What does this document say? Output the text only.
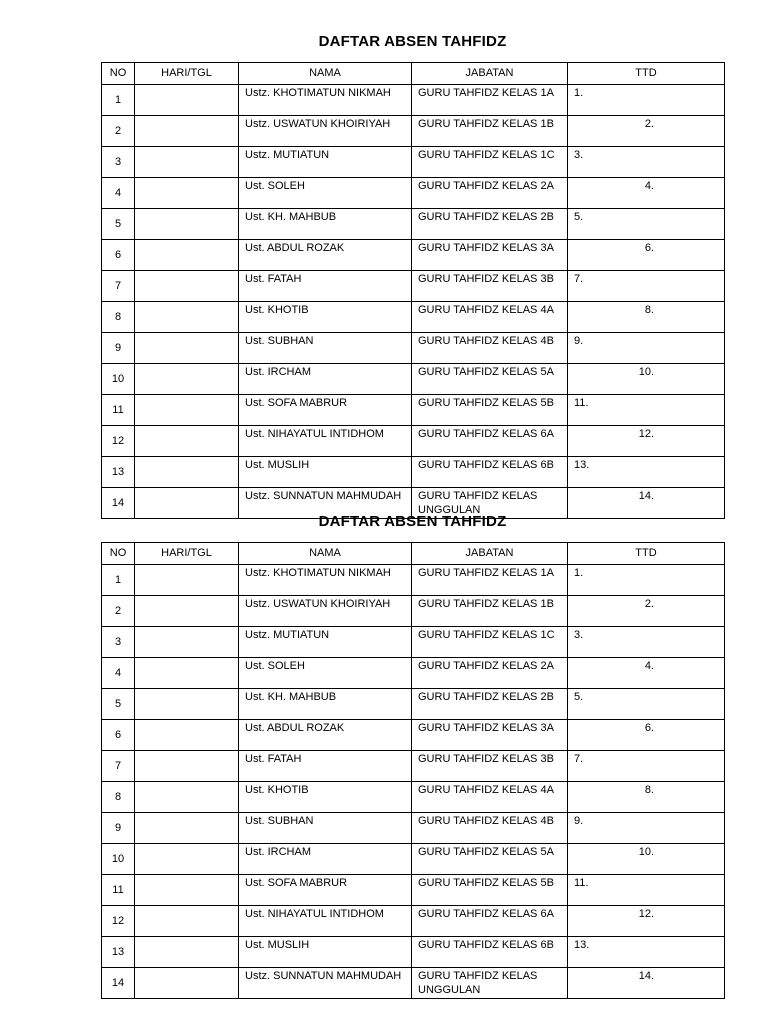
DAFTAR ABSEN TAHFIDZ
NO	HARI/TGL	NAMA	JABATAN	TTD
1		Ustz. KHOTIMATUN NIKMAH	GURU TAHFIDZ KELAS 1A	1.
2		Ustz. USWATUN KHOIRIYAH	GURU TAHFIDZ KELAS 1B	2.

3		Ustz. MUTIATUN	GURU TAHFIDZ KELAS 1C	3.
4		Ust. SOLEH	GURU TAHFIDZ KELAS 2A	4.

5		Ust. KH. MAHBUB	GURU TAHFIDZ KELAS 2B	5.
6		Ust. ABDUL ROZAK	GURU TAHFIDZ KELAS 3A	6.

7		Ust. FATAH	GURU TAHFIDZ KELAS 3B	7.
8		Ust. KHOTIB	GURU TAHFIDZ KELAS 4A	8.

9		Ust. SUBHAN	GURU TAHFIDZ KELAS 4B	9.
10		Ust. IRCHAM	GURU TAHFIDZ KELAS 5A	10.

11		Ust. SOFA MABRUR	GURU TAHFIDZ KELAS 5B	11.
12		Ust. NIHAYATUL INTIDHOM	GURU TAHFIDZ KELAS 6A	12.

13		Ust. MUSLIH	GURU TAHFIDZ KELAS 6B	13.
14		Ustz. SUNNATUN MAHMUDAH	GURU TAHFIDZ KELAS UNGGULAN	14.
DAFTAR ABSEN TAHFIDZ
NO	HARI/TGL	NAMA	JABATAN	TTD
1		Ustz. KHOTIMATUN NIKMAH	GURU TAHFIDZ KELAS 1A	1.
2		Ustz. USWATUN KHOIRIYAH	GURU TAHFIDZ KELAS 1B	2.

3		Ustz. MUTIATUN	GURU TAHFIDZ KELAS 1C	3.
4		Ust. SOLEH	GURU TAHFIDZ KELAS 2A	4.

5		Ust. KH. MAHBUB	GURU TAHFIDZ KELAS 2B	5.
6		Ust. ABDUL ROZAK	GURU TAHFIDZ KELAS 3A	6.

7		Ust. FATAH	GURU TAHFIDZ KELAS 3B	7.
8		Ust. KHOTIB	GURU TAHFIDZ KELAS 4A	8.

9		Ust. SUBHAN	GURU TAHFIDZ KELAS 4B	9.
10		Ust. IRCHAM	GURU TAHFIDZ KELAS 5A	10.

11		Ust. SOFA MABRUR	GURU TAHFIDZ KELAS 5B	11.
12		Ust. NIHAYATUL INTIDHOM	GURU TAHFIDZ KELAS 6A	12.

13		Ust. MUSLIH	GURU TAHFIDZ KELAS 6B	13.
14		Ustz. SUNNATUN MAHMUDAH	GURU TAHFIDZ KELAS UNGGULAN	14.
